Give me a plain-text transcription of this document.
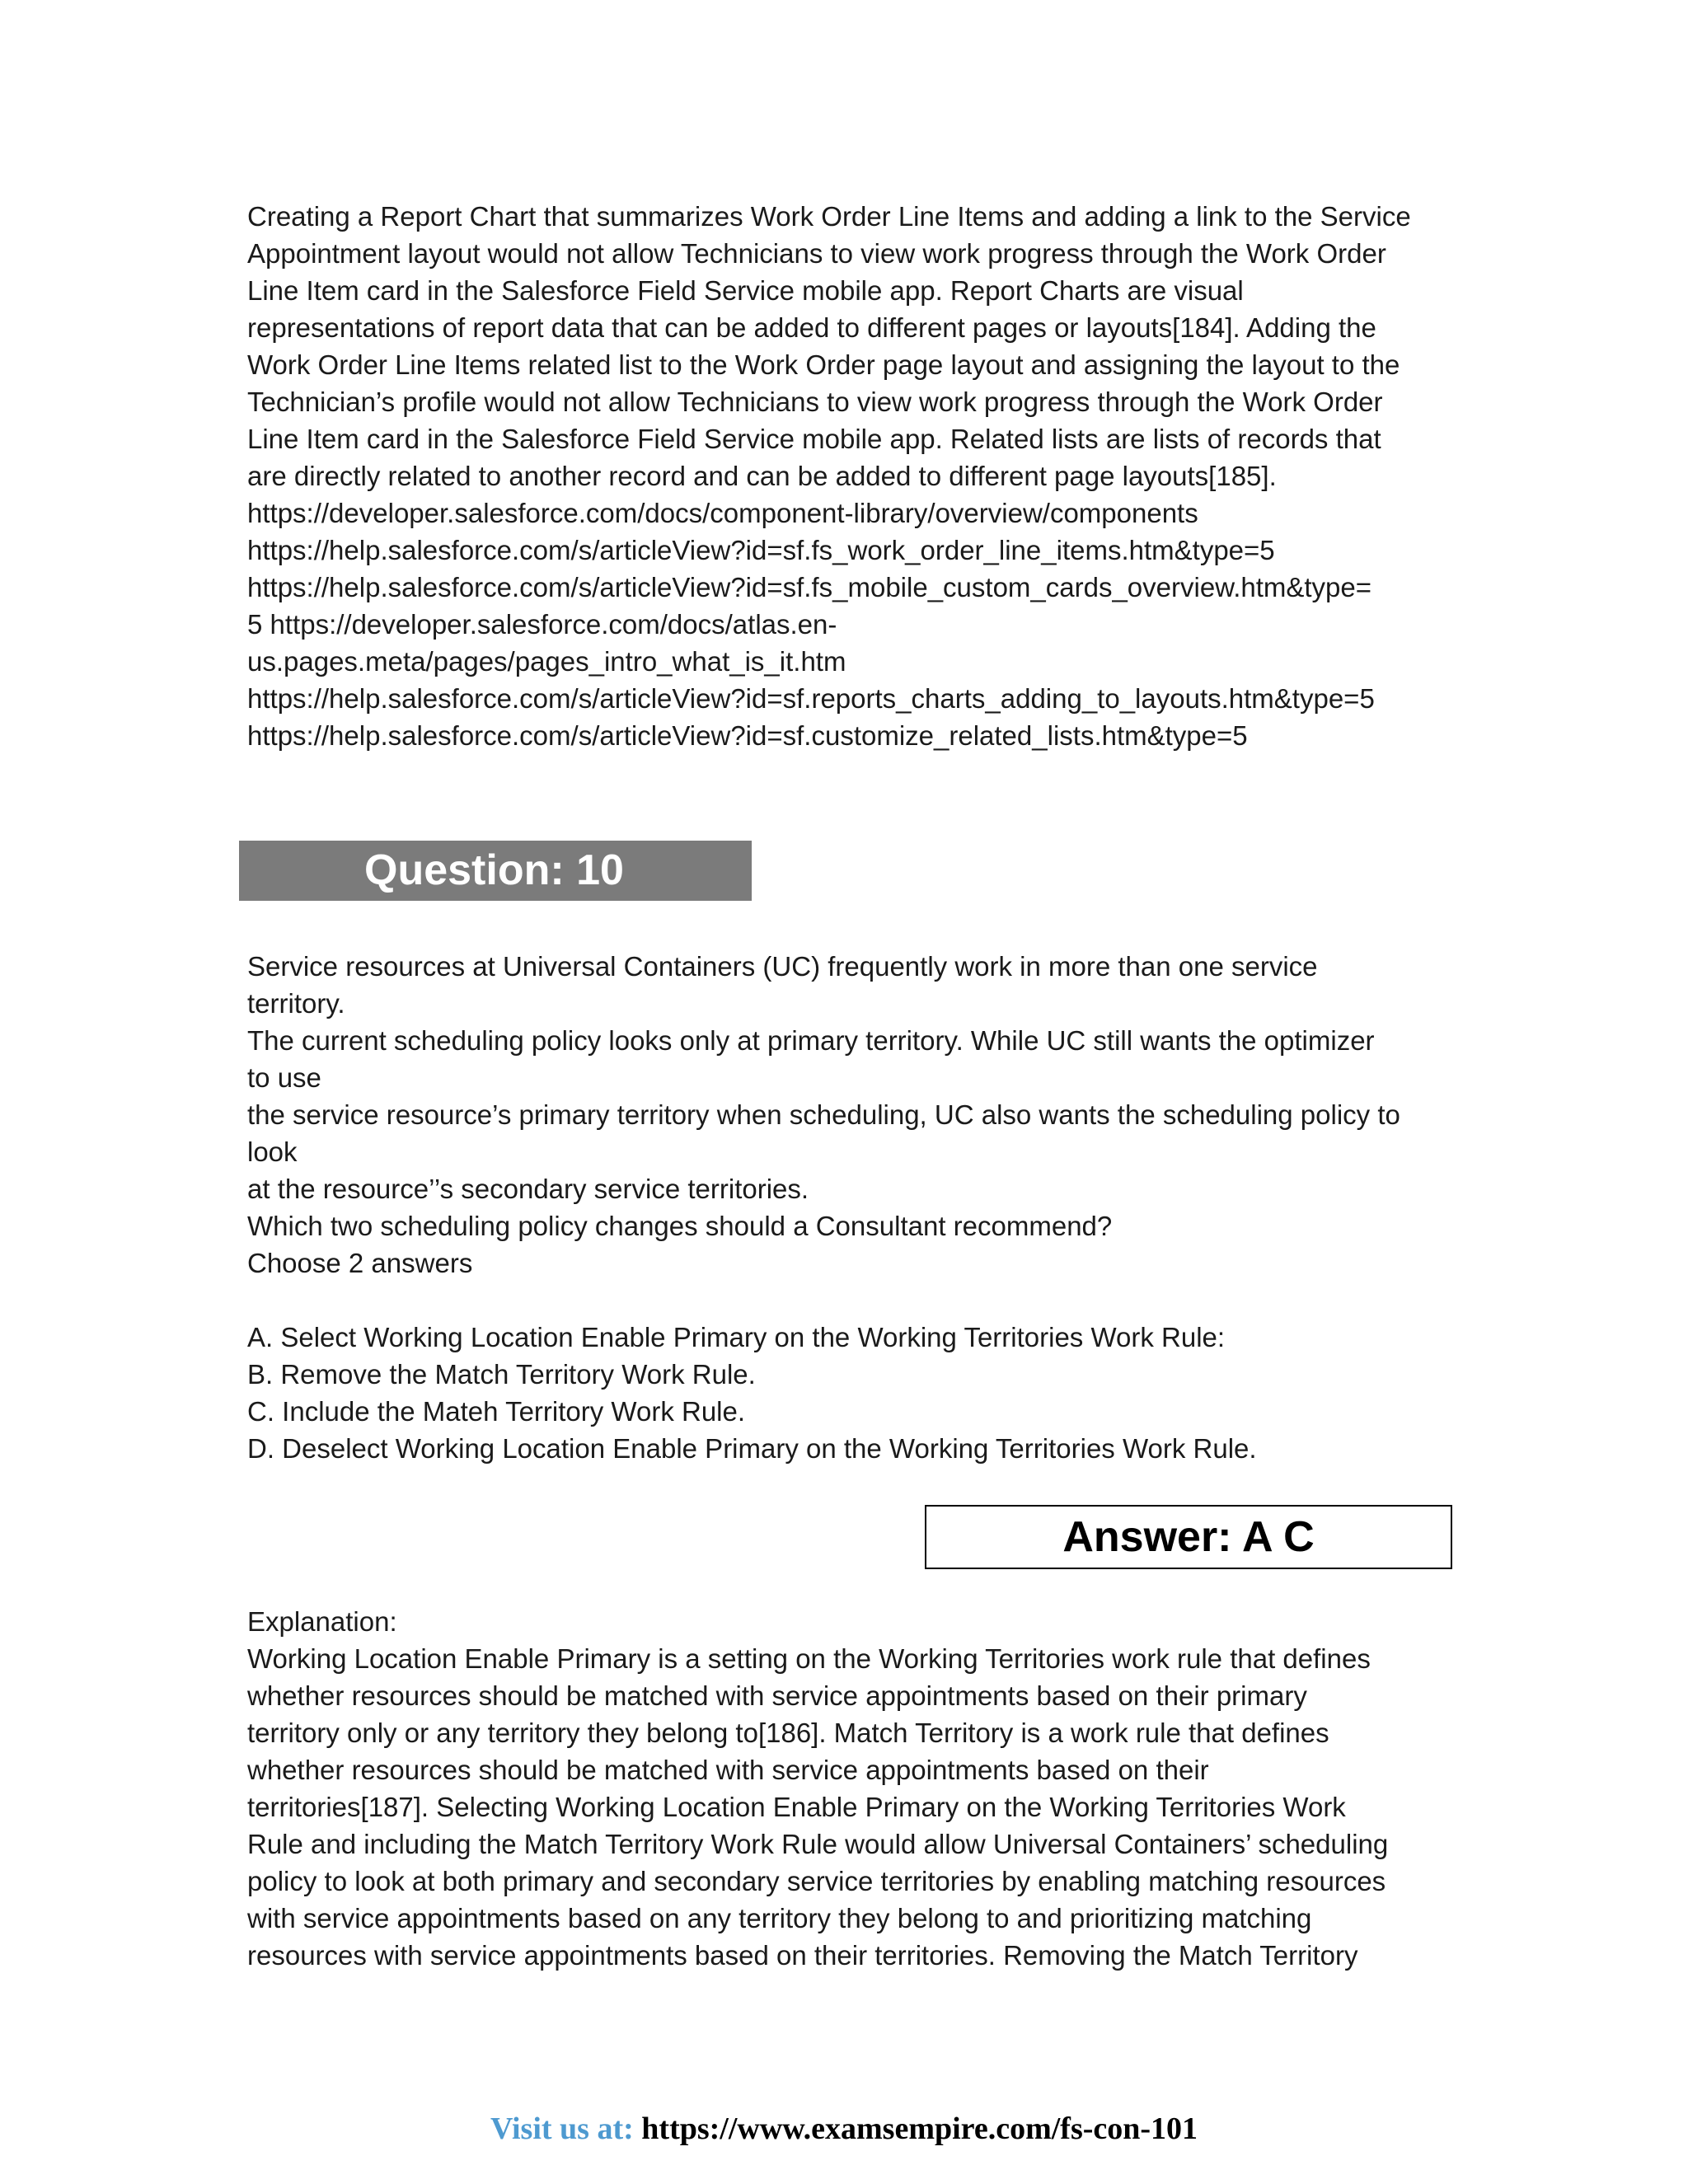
Creating a Report Chart that summarizes Work Order Line Items and adding a link to the Service
Appointment layout would not allow Technicians to view work progress through the Work Order
Line Item card in the Salesforce Field Service mobile app. Report Charts are visual
representations of report data that can be added to different pages or layouts[184]. Adding the
Work Order Line Items related list to the Work Order page layout and assigning the layout to the
Technician’s profile would not allow Technicians to view work progress through the Work Order
Line Item card in the Salesforce Field Service mobile app. Related lists are lists of records that
are directly related to another record and can be added to different page layouts[185].
https://developer.salesforce.com/docs/component-library/overview/components
https://help.salesforce.com/s/articleView?id=sf.fs_work_order_line_items.htm&type=5
https://help.salesforce.com/s/articleView?id=sf.fs_mobile_custom_cards_overview.htm&type=
5 https://developer.salesforce.com/docs/atlas.en-
us.pages.meta/pages/pages_intro_what_is_it.htm
https://help.salesforce.com/s/articleView?id=sf.reports_charts_adding_to_layouts.htm&type=5
https://help.salesforce.com/s/articleView?id=sf.customize_related_lists.htm&type=5
Question: 10
Service resources at Universal Containers (UC) frequently work in more than one service
territory.
The current scheduling policy looks only at primary territory. While UC still wants the optimizer
to use
the service resource’s primary territory when scheduling, UC also wants the scheduling policy to
look
at the resource’’s secondary service territories.
Which two scheduling policy changes should a Consultant recommend?
Choose 2 answers
A. Select Working Location Enable Primary on the Working Territories Work Rule:
B. Remove the Match Territory Work Rule.
C. Include the Mateh Territory Work Rule.
D. Deselect Working Location Enable Primary on the Working Territories Work Rule.
Answer: A C
Explanation:
Working Location Enable Primary is a setting on the Working Territories work rule that defines
whether resources should be matched with service appointments based on their primary
territory only or any territory they belong to[186]. Match Territory is a work rule that defines
whether resources should be matched with service appointments based on their
territories[187]. Selecting Working Location Enable Primary on the Working Territories Work
Rule and including the Match Territory Work Rule would allow Universal Containers’ scheduling
policy to look at both primary and secondary service territories by enabling matching resources
with service appointments based on any territory they belong to and prioritizing matching
resources with service appointments based on their territories. Removing the Match Territory
Visit us at: https://www.examsempire.com/fs-con-101
